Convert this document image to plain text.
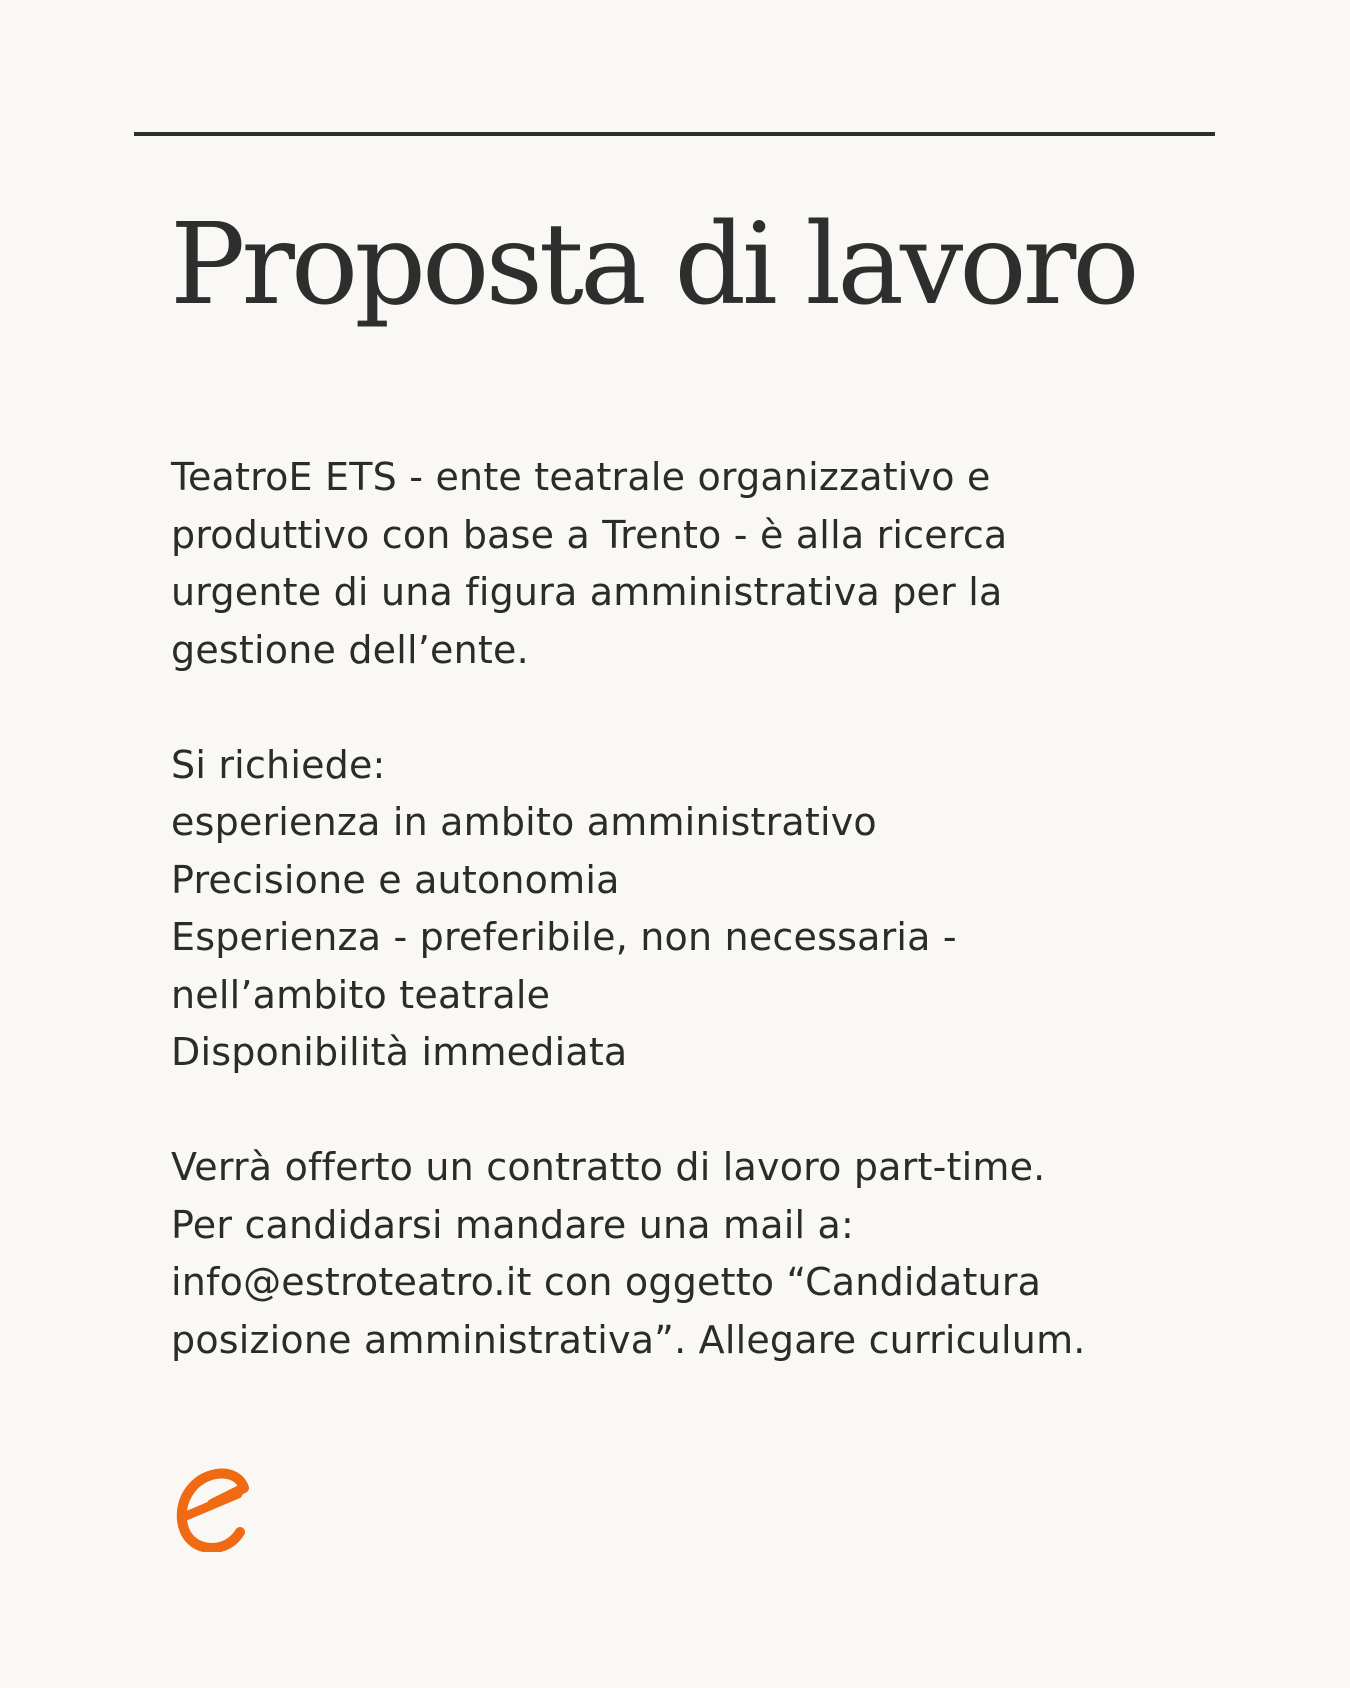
Proposta di lavoro
TeatroE ETS - ente teatrale organizzativo e
produttivo con base a Trento - è alla ricerca
urgente di una figura amministrativa per la
gestione dell’ente.
Si richiede:
esperienza in ambito amministrativo
Precisione e autonomia
Esperienza - preferibile, non necessaria -
nell’ambito teatrale
Disponibilità immediata
Verrà offerto un contratto di lavoro part-time.
Per candidarsi mandare una mail a:
info@estroteatro.it con oggetto “Candidatura
posizione amministrativa”. Allegare curriculum.
